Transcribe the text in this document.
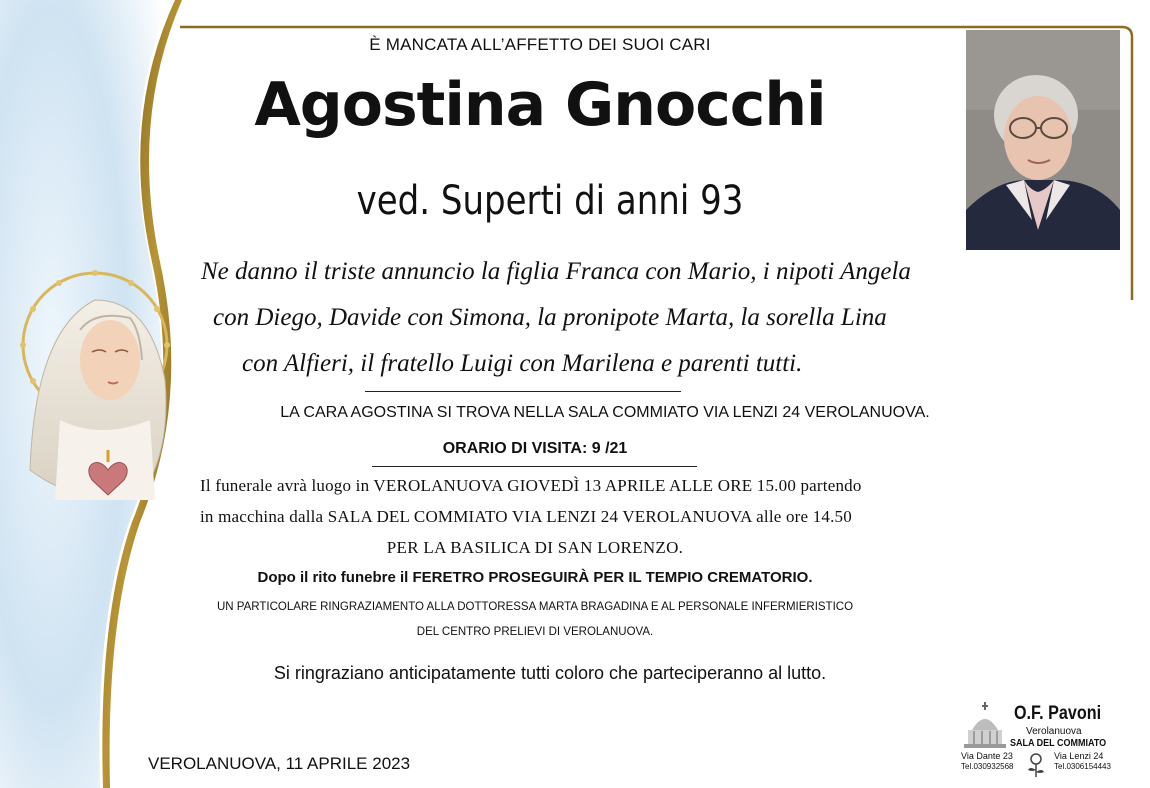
È MANCATA ALL’AFFETTO DEI SUOI CARI
Agostina Gnocchi
ved. Superti di anni 93
Ne danno il triste annuncio la figlia Franca con Mario, i nipoti Angela
con Diego, Davide con Simona, la pronipote Marta, la sorella Lina
con Alfieri, il fratello Luigi con Marilena e parenti tutti.
LA CARA AGOSTINA SI TROVA NELLA SALA COMMIATO VIA LENZI 24 VEROLANUOVA.
ORARIO DI VISITA: 9 /21
Il funerale avrà luogo in VEROLANUOVA GIOVEDÌ 13 APRILE ALLE ORE 15.00 partendo
in macchina dalla SALA DEL COMMIATO VIA LENZI 24 VEROLANUOVA alle ore 14.50
PER LA BASILICA DI SAN LORENZO.
Dopo il rito funebre il FERETRO PROSEGUIRÀ PER IL TEMPIO CREMATORIO.
UN PARTICOLARE RINGRAZIAMENTO ALLA DOTTORESSA MARTA BRAGADINA E AL PERSONALE INFERMIERISTICO
DEL CENTRO PRELIEVI DI VEROLANUOVA.
Si ringraziano anticipatamente tutti coloro che parteciperanno al lutto.
VEROLANUOVA, 11 APRILE 2023
O.F. Pavoni
Verolanuova
SALA DEL COMMIATO
Via Dante 23
Tel.030932568
Via Lenzi 24
Tel.0306154443
